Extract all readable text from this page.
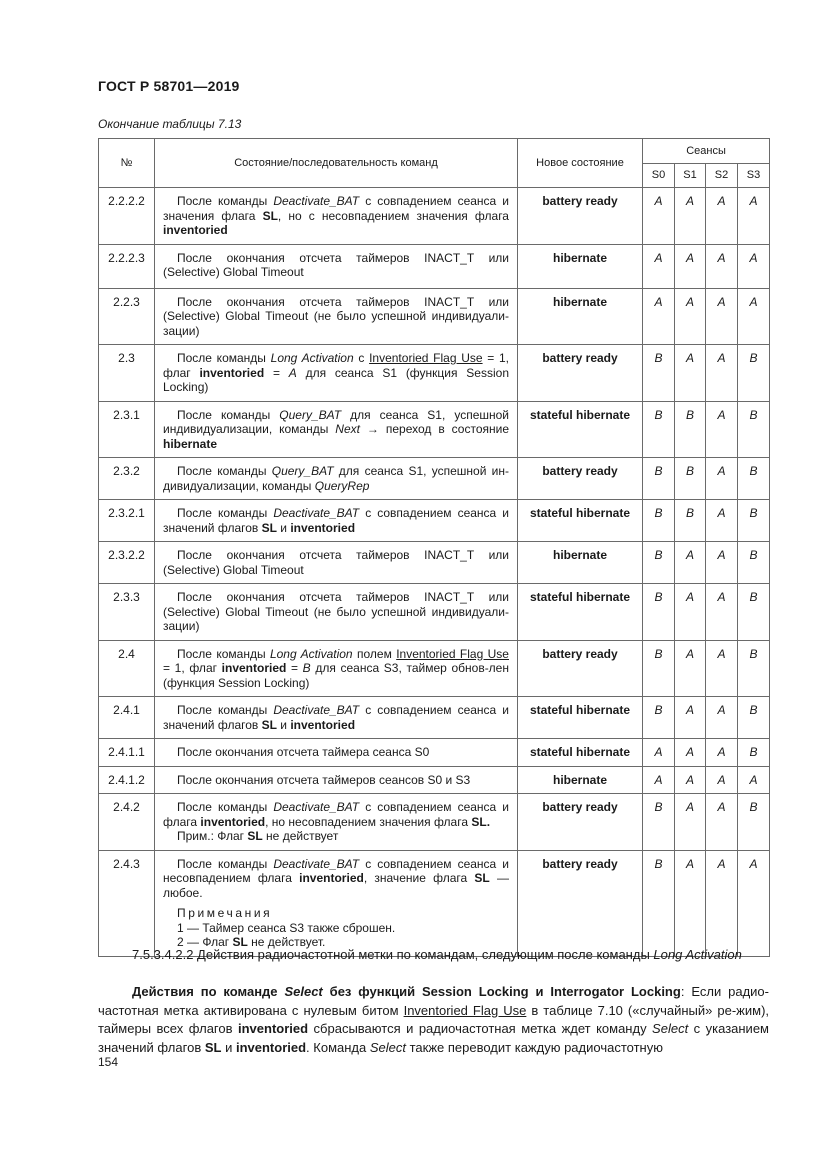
ГОСТ Р 58701—2019
Окончание таблицы 7.13
№	Состояние/последовательность команд	Новое состояние	Сеансы			
			S0	S1	S2	S3
2.2.2.2	После команды Deactivate_BAT с совпадением сеанса и значения флага SL, но с несовпадением значения флага inventoried	battery ready	A	A	A	A
2.2.2.3	После окончания отсчета таймеров INACT_T или (Selective) Global Timeout	hibernate	A	A	A	A
2.2.3	После окончания отсчета таймеров INACT_T или (Selective) Global Timeout (не было успешной индивидуали-зации)	hibernate	A	A	A	A
2.3	После команды Long Activation с Inventoried Flag Use = 1, флаг inventoried = A для сеанса S1 (функция Session Locking)	battery ready	B	A	A	B
2.3.1	После команды Query_BAT для сеанса S1, успешной индивидуализации, команды Next → переход в состояние hibernate	stateful hibernate	B	B	A	B
2.3.2	После команды Query_BAT для сеанса S1, успешной ин-дивидуализации, команды QueryRep	battery ready	B	B	A	B
2.3.2.1	После команды Deactivate_BAT с совпадением сеанса и значений флагов SL и inventoried	stateful hibernate	B	B	A	B
2.3.2.2	После окончания отсчета таймеров INACT_T или (Selective) Global Timeout	hibernate	B	A	A	B
2.3.3	После окончания отсчета таймеров INACT_T или (Selective) Global Timeout (не было успешной индивидуали-зации)	stateful hibernate	B	A	A	B
2.4	После команды Long Activation полем Inventoried Flag Use = 1, флаг inventoried = B для сеанса S3, таймер обнов-лен (функция Session Locking)	battery ready	B	A	A	B
2.4.1	После команды Deactivate_BAT с совпадением сеанса и значений флагов SL и inventoried	stateful hibernate	B	A	A	B
2.4.1.1	После окончания отсчета таймера сеанса S0	stateful hibernate	A	A	A	B
2.4.1.2	После окончания отсчета таймеров сеансов S0 и S3	hibernate	A	A	A	A
2.4.2	После команды Deactivate_BAT с совпадением сеанса и флага inventoried, но несовпадением значения флага SL.
Прим.: Флаг SL не действует	battery ready	B	A	A	B
2.4.3	После команды Deactivate_BAT с совпадением сеанса и несовпадением флага inventoried, значение флага SL — любое.
Примечания
1 — Таймер сеанса S3 также сброшен.
2 — Флаг SL не действует.	battery ready	B	A	A	A
7.5.3.4.2.2 Действия радиочастотной метки по командам, следующим после команды Long Activation
Действия по команде Select без функций Session Locking и Interrogator Locking: Если радио-частотная метка активирована с нулевым битом Inventoried Flag Use в таблице 7.10 («случайный» ре-жим), таймеры всех флагов inventoried сбрасываются и радиочастотная метка ждет команду Select с указанием значений флагов SL и inventoried. Команда Select также переводит каждую радиочастотную
154
